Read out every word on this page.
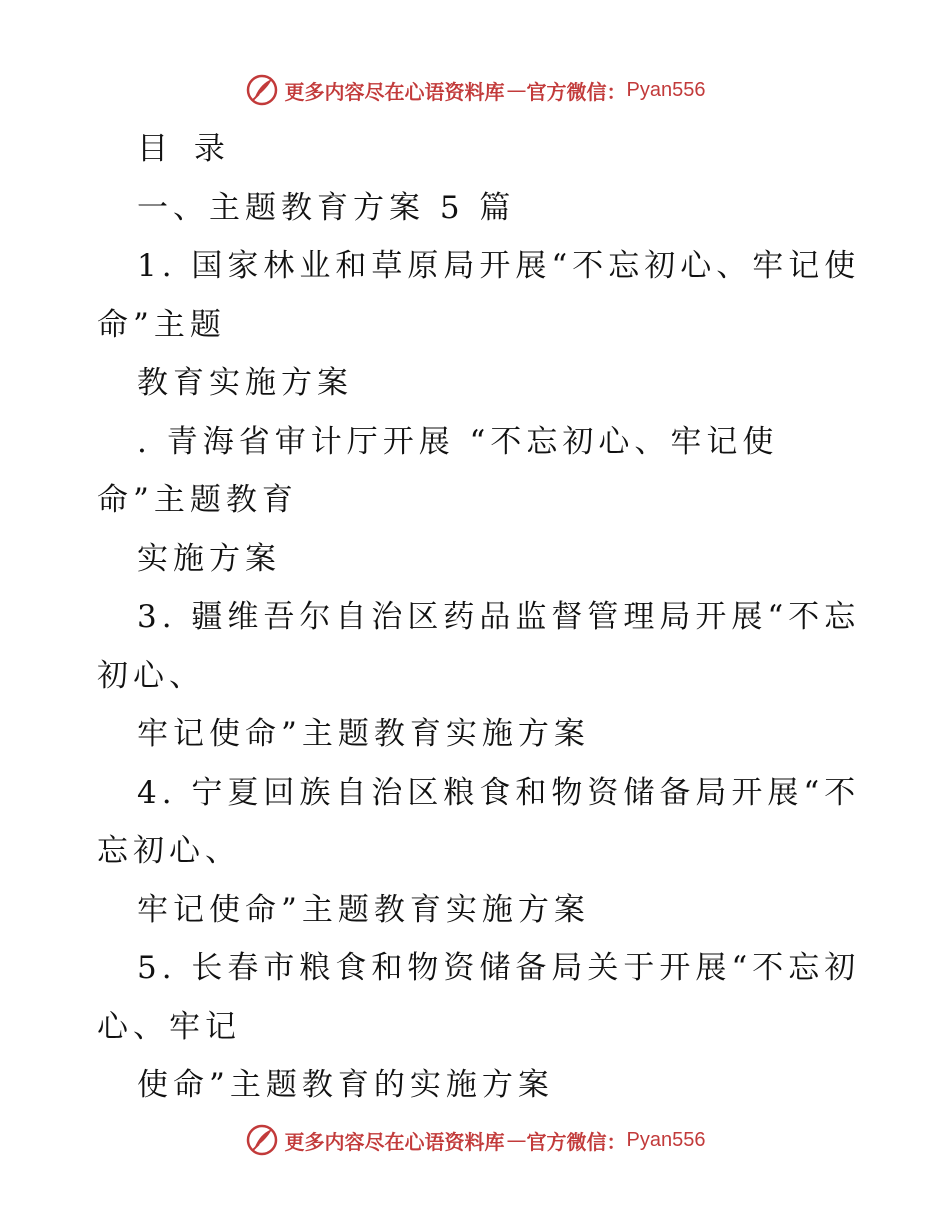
更多内容尽在心语资料库 — 官方微信： Pyan556
目 录
一、主题教育方案 5 篇
1. 国家林业和草原局开展“不忘初心、牢记使
命”主题
教育实施方案
. 青海省审计厅开展 “不忘初心、牢记使
命”主题教育
实施方案
3. 疆维吾尔自治区药品监督管理局开展“不忘
初心、
牢记使命”主题教育实施方案
4. 宁夏回族自治区粮食和物资储备局开展“不
忘初心、
牢记使命”主题教育实施方案
5. 长春市粮食和物资储备局关于开展“不忘初
心、牢记
使命”主题教育的实施方案
更多内容尽在心语资料库 — 官方微信： Pyan556
